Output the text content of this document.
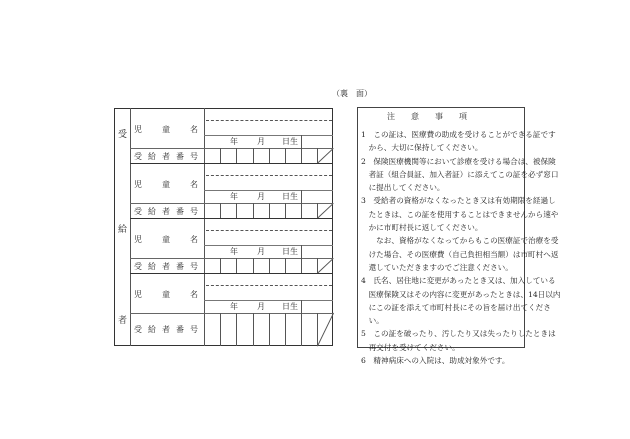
（裏　面）
注　　意　　事　　項
1　この証は、医療費の助成を受けることができる証です
　から、大切に保持してください。
2　保険医療機関等において診療を受ける場合は、被保険
　者証（組合員証、加入者証）に添えてこの証を必ず窓口
　に提出してください。
3　受給者の資格がなくなったとき又は有効期限を経過し
　たときは、この証を使用することはできませんから速や
　かに市町村長に返してください。
　　なお、資格がなくなってからもこの医療証で治療を受
　けた場合、その医療費（自己負担相当額）は市町村へ返
　還していただきますのでご注意ください。
4　氏名、居住地に変更があったとき又は、加入している
　医療保険又はその内容に変更があったときは、14日以内
　にこの証を添えて市町村長にその旨を届け出てくださ
　い。
5　この証を破ったり、汚したり又は失ったりしたときは
　再交付を受けてください。
6　精神病床への入院は、助成対象外です。
受
給
者
児	童	名
年 月 日生
受 給 者 番 号
児	童	名
年 月 日生
受 給 者 番 号
児	童	名
年 月 日生
受 給 者 番 号
児	童	名
年 月 日生
受 給 者 番 号
